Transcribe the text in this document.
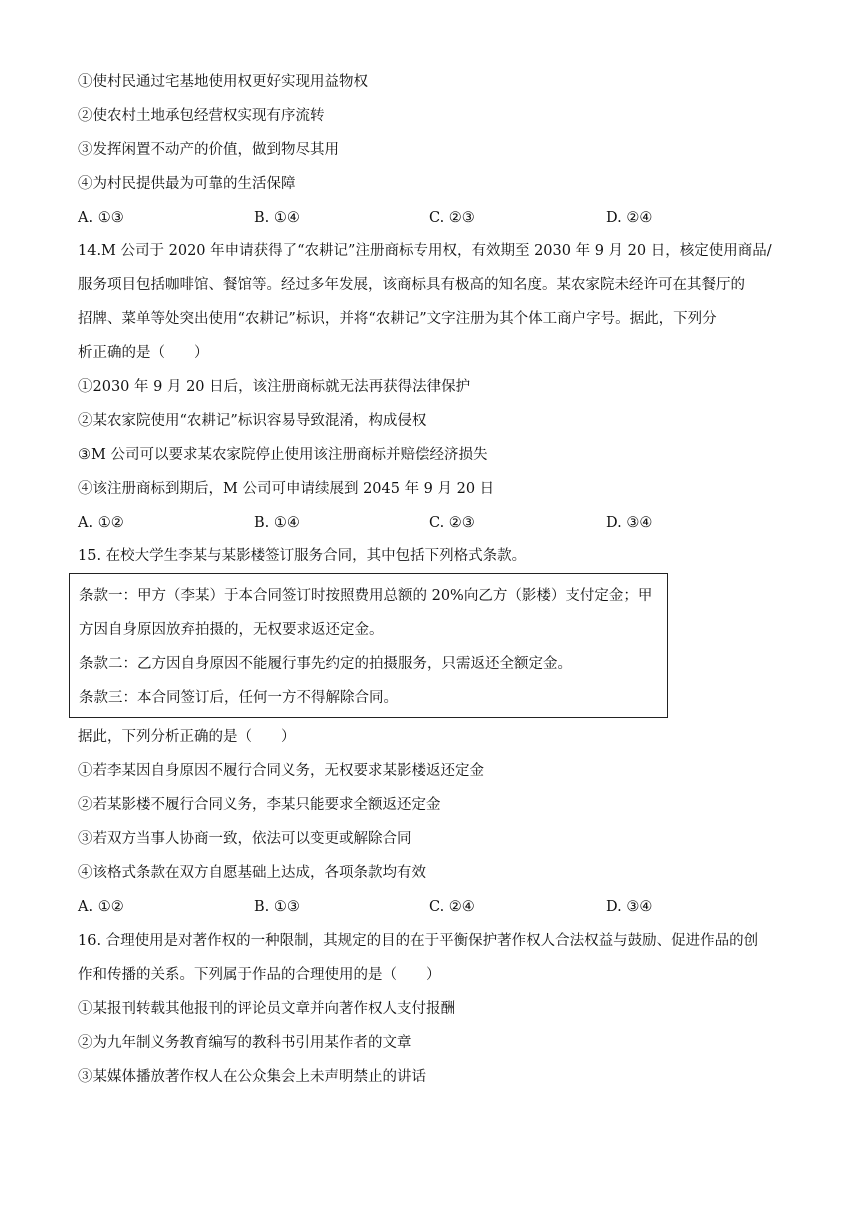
①使村民通过宅基地使用权更好实现用益物权
②使农村土地承包经营权实现有序流转
③发挥闲置不动产的价值，做到物尽其用
④为村民提供最为可靠的生活保障
A. ①③	B. ①④	C. ②③	D. ②④
14.M 公司于 2020 年申请获得了“农耕记”注册商标专用权，有效期至 2030 年 9 月 20 日，核定使用商品/
服务项目包括咖啡馆、餐馆等。经过多年发展，该商标具有极高的知名度。某农家院未经许可在其餐厅的
招牌、菜单等处突出使用“农耕记”标识，并将“农耕记”文字注册为其个体工商户字号。据此，下列分
析正确的是（　　）
①2030 年 9 月 20 日后，该注册商标就无法再获得法律保护
②某农家院使用“农耕记”标识容易导致混淆，构成侵权
③M 公司可以要求某农家院停止使用该注册商标并赔偿经济损失
④该注册商标到期后，M 公司可申请续展到 2045 年 9 月 20 日
A. ①②	B. ①④	C. ②③	D. ③④
15. 在校大学生李某与某影楼签订服务合同，其中包括下列格式条款。
条款一：甲方（李某）于本合同签订时按照费用总额的 20%向乙方（影楼）支付定金；甲
方因自身原因放弃拍摄的，无权要求返还定金。
条款二：乙方因自身原因不能履行事先约定的拍摄服务，只需返还全额定金。
条款三：本合同签订后，任何一方不得解除合同。
据此，下列分析正确的是（　　）
①若李某因自身原因不履行合同义务，无权要求某影楼返还定金
②若某影楼不履行合同义务，李某只能要求全额返还定金
③若双方当事人协商一致，依法可以变更或解除合同
④该格式条款在双方自愿基础上达成，各项条款均有效
A. ①②	B. ①③	C. ②④	D. ③④
16. 合理使用是对著作权的一种限制，其规定的目的在于平衡保护著作权人合法权益与鼓励、促进作品的创
作和传播的关系。下列属于作品的合理使用的是（　　）
①某报刊转载其他报刊的评论员文章并向著作权人支付报酬
②为九年制义务教育编写的教科书引用某作者的文章
③某媒体播放著作权人在公众集会上未声明禁止的讲话
